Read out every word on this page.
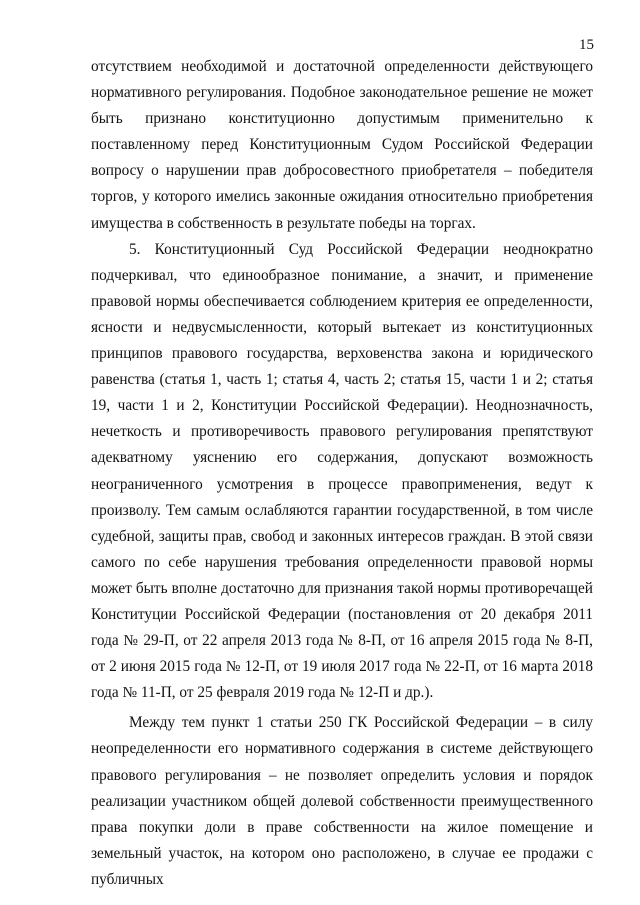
15

отсутствием необходимой и достаточной определенности действующего нормативного регулирования. Подобное законодательное решение не может быть признано конституционно допустимым применительно к поставленному перед Конституционным Судом Российской Федерации вопросу о нарушении прав добросовестного приобретателя – победителя торгов, у которого имелись законные ожидания относительно приобретения имущества в собственность в результате победы на торгах.

5. Конституционный Суд Российской Федерации неоднократно подчеркивал, что единообразное понимание, а значит, и применение правовой нормы обеспечивается соблюдением критерия ее определенности, ясности и недвусмысленности, который вытекает из конституционных принципов правового государства, верховенства закона и юридического равенства (статья 1, часть 1; статья 4, часть 2; статья 15, части 1 и 2; статья 19, части 1 и 2, Конституции Российской Федерации). Неоднозначность, нечеткость и противоречивость правового регулирования препятствуют адекватному уяснению его содержания, допускают возможность неограниченного усмотрения в процессе правоприменения, ведут к произволу. Тем самым ослабляются гарантии государственной, в том числе судебной, защиты прав, свобод и законных интересов граждан. В этой связи самого по себе нарушения требования определенности правовой нормы может быть вполне достаточно для признания такой нормы противоречащей Конституции Российской Федерации (постановления от 20 декабря 2011 года № 29-П, от 22 апреля 2013 года № 8-П, от 16 апреля 2015 года № 8-П, от 2 июня 2015 года № 12-П, от 19 июля 2017 года № 22-П, от 16 марта 2018 года № 11-П, от 25 февраля 2019 года № 12-П и др.).

Между тем пункт 1 статьи 250 ГК Российской Федерации – в силу неопределенности его нормативного содержания в системе действующего правового регулирования – не позволяет определить условия и порядок реализации участником общей долевой собственности преимущественного права покупки доли в праве собственности на жилое помещение и земельный участок, на котором оно расположено, в случае ее продажи с публичных
